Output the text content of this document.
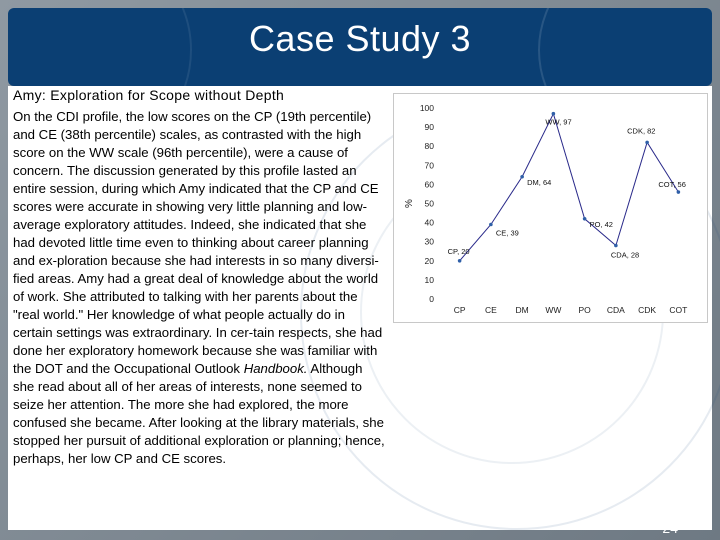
Case Study 3
Amy: Exploration for Scope without Depth
On the CDI profile, the low scores on the CP (19th percentile) and CE (38th percentile) scales, as contrasted with the high score on the WW scale (96th percentile), were a cause of concern. The discussion generated by this profile lasted an entire session, during which Amy indicated that the CP and CE scores were accurate in showing very little planning and low-average exploratory attitudes. Indeed, she indicated that she had devoted little time even to thinking about career planning and ex-ploration because she had interests in so many diversi-fied areas. Amy had a great deal of knowledge about the world of work. She attributed to talking with her parents about the "real world." Her knowledge of what people actually do in certain settings was extraordinary. In cer-tain respects, she had done her exploratory homework because she was familiar with the DOT and the Occupational Outlook Handbook. Although she read about all of her areas of interests, none seemed to seize her attention. The more she had explored, the more confused she became. After looking at the library materials, she stopped her pursuit of additional exploration or planning; hence, perhaps, her low CP and CE scores.
0
10
20
30
40
50
60
70
80
90
100
%
CP CE DM WW PO CDA CDK COT
CP, 20
CE, 39
DM, 64
WW, 97
PO, 42
CDA, 28
CDK, 82
COT, 56
24
